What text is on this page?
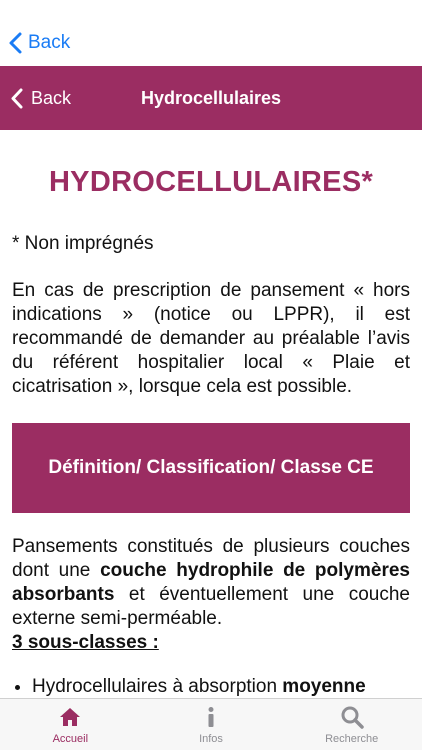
Back
Back	Hydrocellulaires
HYDROCELLULAIRES*
* Non imprégnés
En cas de prescription de pansement « hors indications » (notice ou LPPR), il est recommandé de demander au préalable l’avis du référent hospitalier local « Plaie et cicatrisation », lorsque cela est possible.
Définition/ Classification/ Classe CE
Pansements constitués de plusieurs couches dont une couche hydrophile de polymères absorbants et éventuellement une couche externe semi-perméable.
3 sous-classes :
• Hydrocellulaires à absorption moyenne
•
Accueil	Infos	Recherche
